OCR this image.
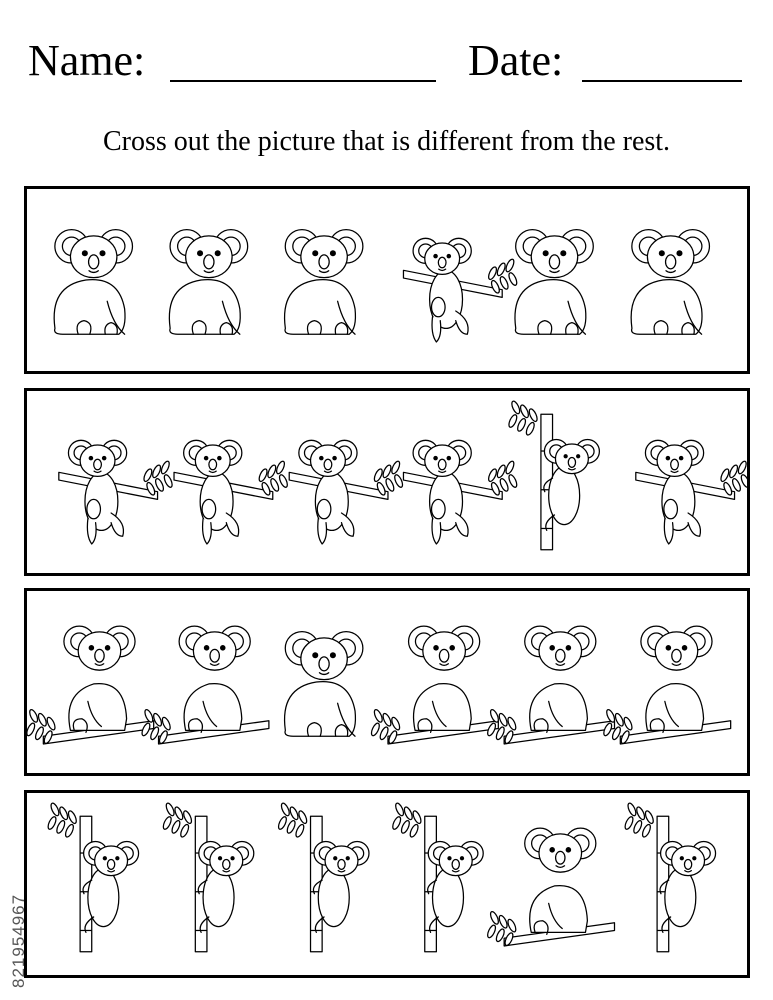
Name:	Date:
Cross out the picture that is different from the rest.
821954967
